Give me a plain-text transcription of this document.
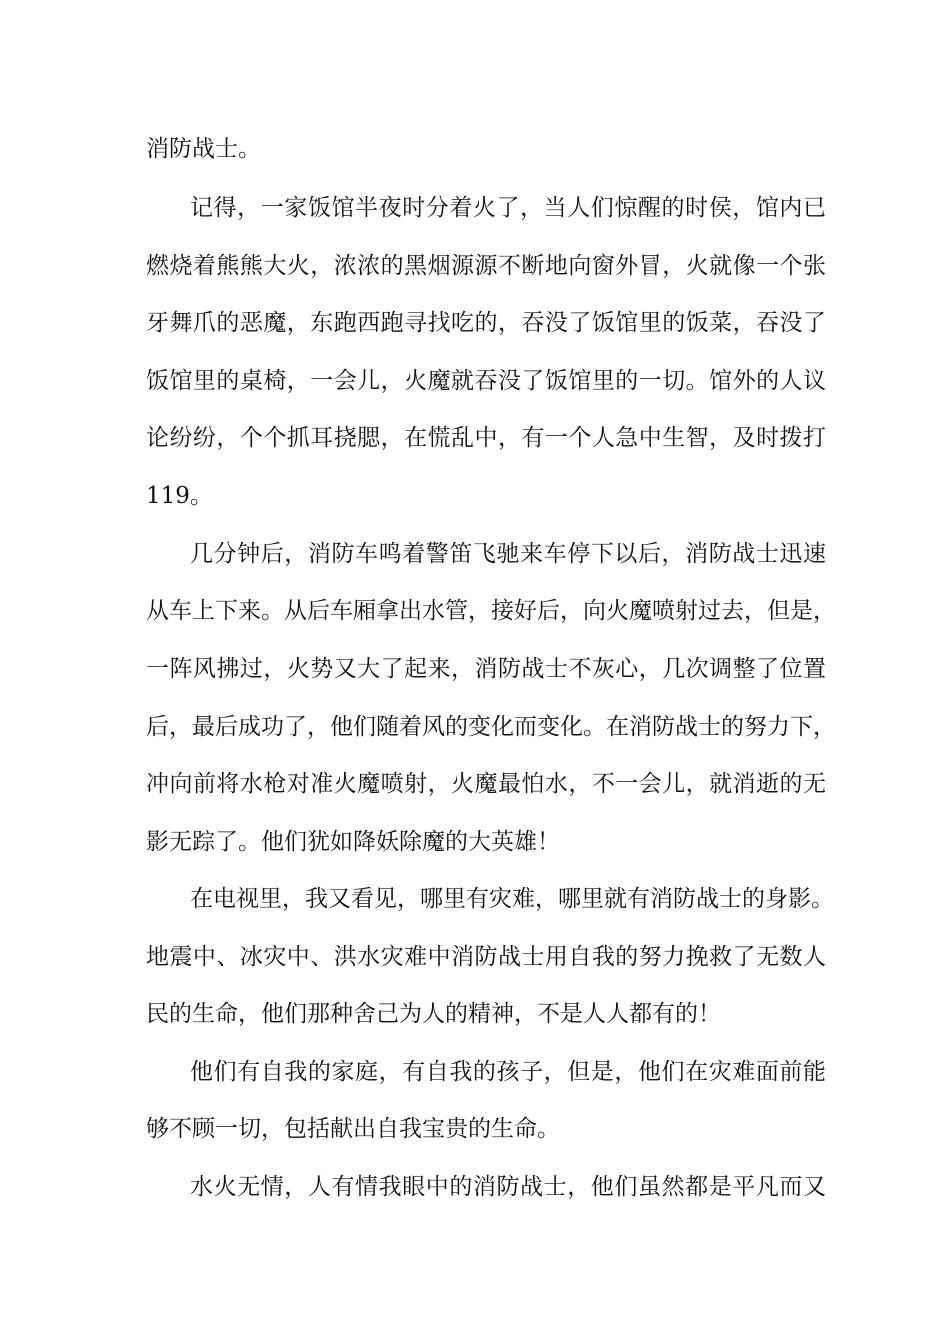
消防战士。
记得，一家饭馆半夜时分着火了，当人们惊醒的时侯，馆内已
燃烧着熊熊大火，浓浓的黑烟源源不断地向窗外冒，火就像一个张
牙舞爪的恶魔，东跑西跑寻找吃的，吞没了饭馆里的饭菜，吞没了
饭馆里的桌椅，一会儿，火魔就吞没了饭馆里的一切。馆外的人议
论纷纷，个个抓耳挠腮，在慌乱中，有一个人急中生智，及时拨打
119。
几分钟后，消防车鸣着警笛飞驰来车停下以后，消防战士迅速
从车上下来。从后车厢拿出水管，接好后，向火魔喷射过去，但是，
一阵风拂过，火势又大了起来，消防战士不灰心，几次调整了位置
后，最后成功了，他们随着风的变化而变化。在消防战士的努力下，
冲向前将水枪对准火魔喷射，火魔最怕水，不一会儿，就消逝的无
影无踪了。他们犹如降妖除魔的大英雄！
在电视里，我又看见，哪里有灾难，哪里就有消防战士的身影。
地震中、冰灾中、洪水灾难中消防战士用自我的努力挽救了无数人
民的生命，他们那种舍己为人的精神，不是人人都有的！
他们有自我的家庭，有自我的孩子，但是，他们在灾难面前能
够不顾一切，包括献出自我宝贵的生命。
水火无情，人有情我眼中的消防战士，他们虽然都是平凡而又
